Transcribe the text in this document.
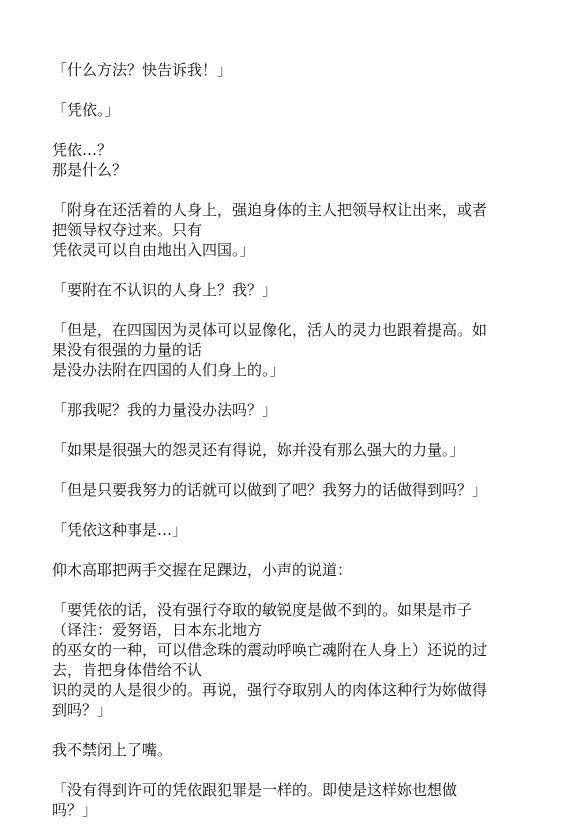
「什么方法？快告诉我！」

「凭依。」

凭依…？
那是什么？

「附身在还活着的人身上，强迫身体的主人把领导权让出来，或者
把领导权夺过来。只有
凭依灵可以自由地出入四国。」

「要附在不认识的人身上？我？」

「但是，在四国因为灵体可以显像化，活人的灵力也跟着提高。如
果没有很强的力量的话
是没办法附在四国的人们身上的。」

「那我呢？我的力量没办法吗？」

「如果是很强大的怨灵还有得说，妳并没有那么强大的力量。」

「但是只要我努力的话就可以做到了吧？我努力的话做得到吗？」

「凭依这种事是…」

仰木高耶把两手交握在足踝边，小声的说道：

「要凭依的话，没有强行夺取的敏锐度是做不到的。如果是市子
（译注：爱努语，日本东北地方
的巫女的一种，可以借念珠的震动呼唤亡魂附在人身上）还说的过
去，肯把身体借给不认
识的灵的人是很少的。再说，强行夺取别人的肉体这种行为妳做得
到吗？」

我不禁闭上了嘴。

「没有得到许可的凭依跟犯罪是一样的。即使是这样妳也想做
吗？」
